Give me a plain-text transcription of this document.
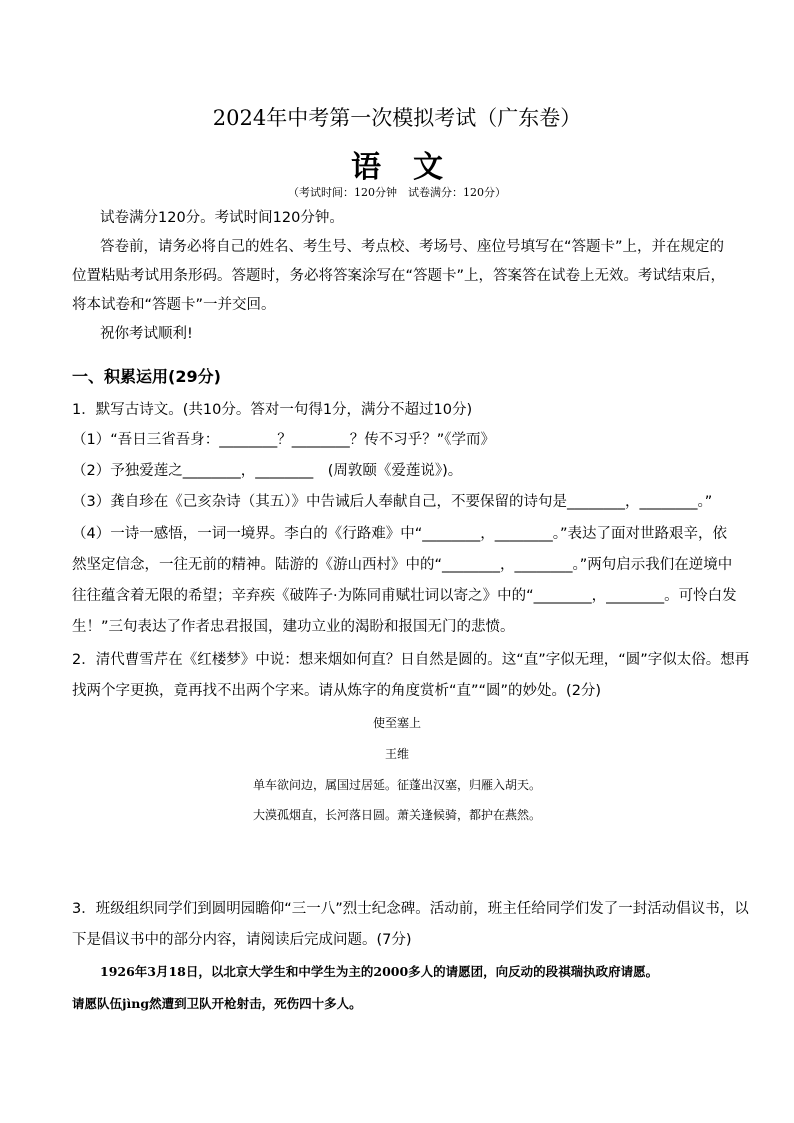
2024年中考第一次模拟考试（广东卷）
语文
（考试时间：120分钟　试卷满分：120分）
试卷满分120分。考试时间120分钟。
答卷前，请务必将自己的姓名、考生号、考点校、考场号、座位号填写在“答题卡”上，并在规定的
位置粘贴考试用条形码。答题时，务必将答案涂写在“答题卡”上，答案答在试卷上无效。考试结束后，
将本试卷和“答题卡”一并交回。
祝你考试顺利!
一、积累运用(29分)
1．默写古诗文。(共10分。答对一句得1分，满分不超过10分)
（1）“吾日三省吾身：________？________？传不习乎？”《学而》
（2）予独爱莲之________，________　(周敦颐《爱莲说》)。
（3）龚自珍在《己亥杂诗（其五）》中告诫后人奉献自己，不要保留的诗句是________，________。”
（4）一诗一感悟，一词一境界。李白的《行路难》中“________，________。”表达了面对世路艰辛，依
然坚定信念，一往无前的精神。陆游的《游山西村》中的“________，________。”两句启示我们在逆境中
往往蕴含着无限的希望；辛弃疾《破阵子·为陈同甫赋壮词以寄之》中的“________，________。可怜白发
生！”三句表达了作者忠君报国，建功立业的渴盼和报国无门的悲愤。
2．清代曹雪芹在《红楼梦》中说：想来烟如何直？日自然是圆的。这“直”字似无理，“圆”字似太俗。想再
找两个字更换，竟再找不出两个字来。请从炼字的角度赏析“直”“圆”的妙处。(2分)
使至塞上
王维
单车欲问边，属国过居延。征蓬出汉塞，归雁入胡天。
大漠孤烟直，长河落日圆。萧关逢候骑，都护在燕然。
3．班级组织同学们到圆明园瞻仰“三一八”烈士纪念碑。活动前，班主任给同学们发了一封活动倡议书，以
下是倡议书中的部分内容，请阅读后完成问题。(7分)
1926年3月18日，以北京大学生和中学生为主的2000多人的请愿团，向反动的段祺瑞执政府请愿。
请愿队伍jìng然遭到卫队开枪射击，死伤四十多人。
